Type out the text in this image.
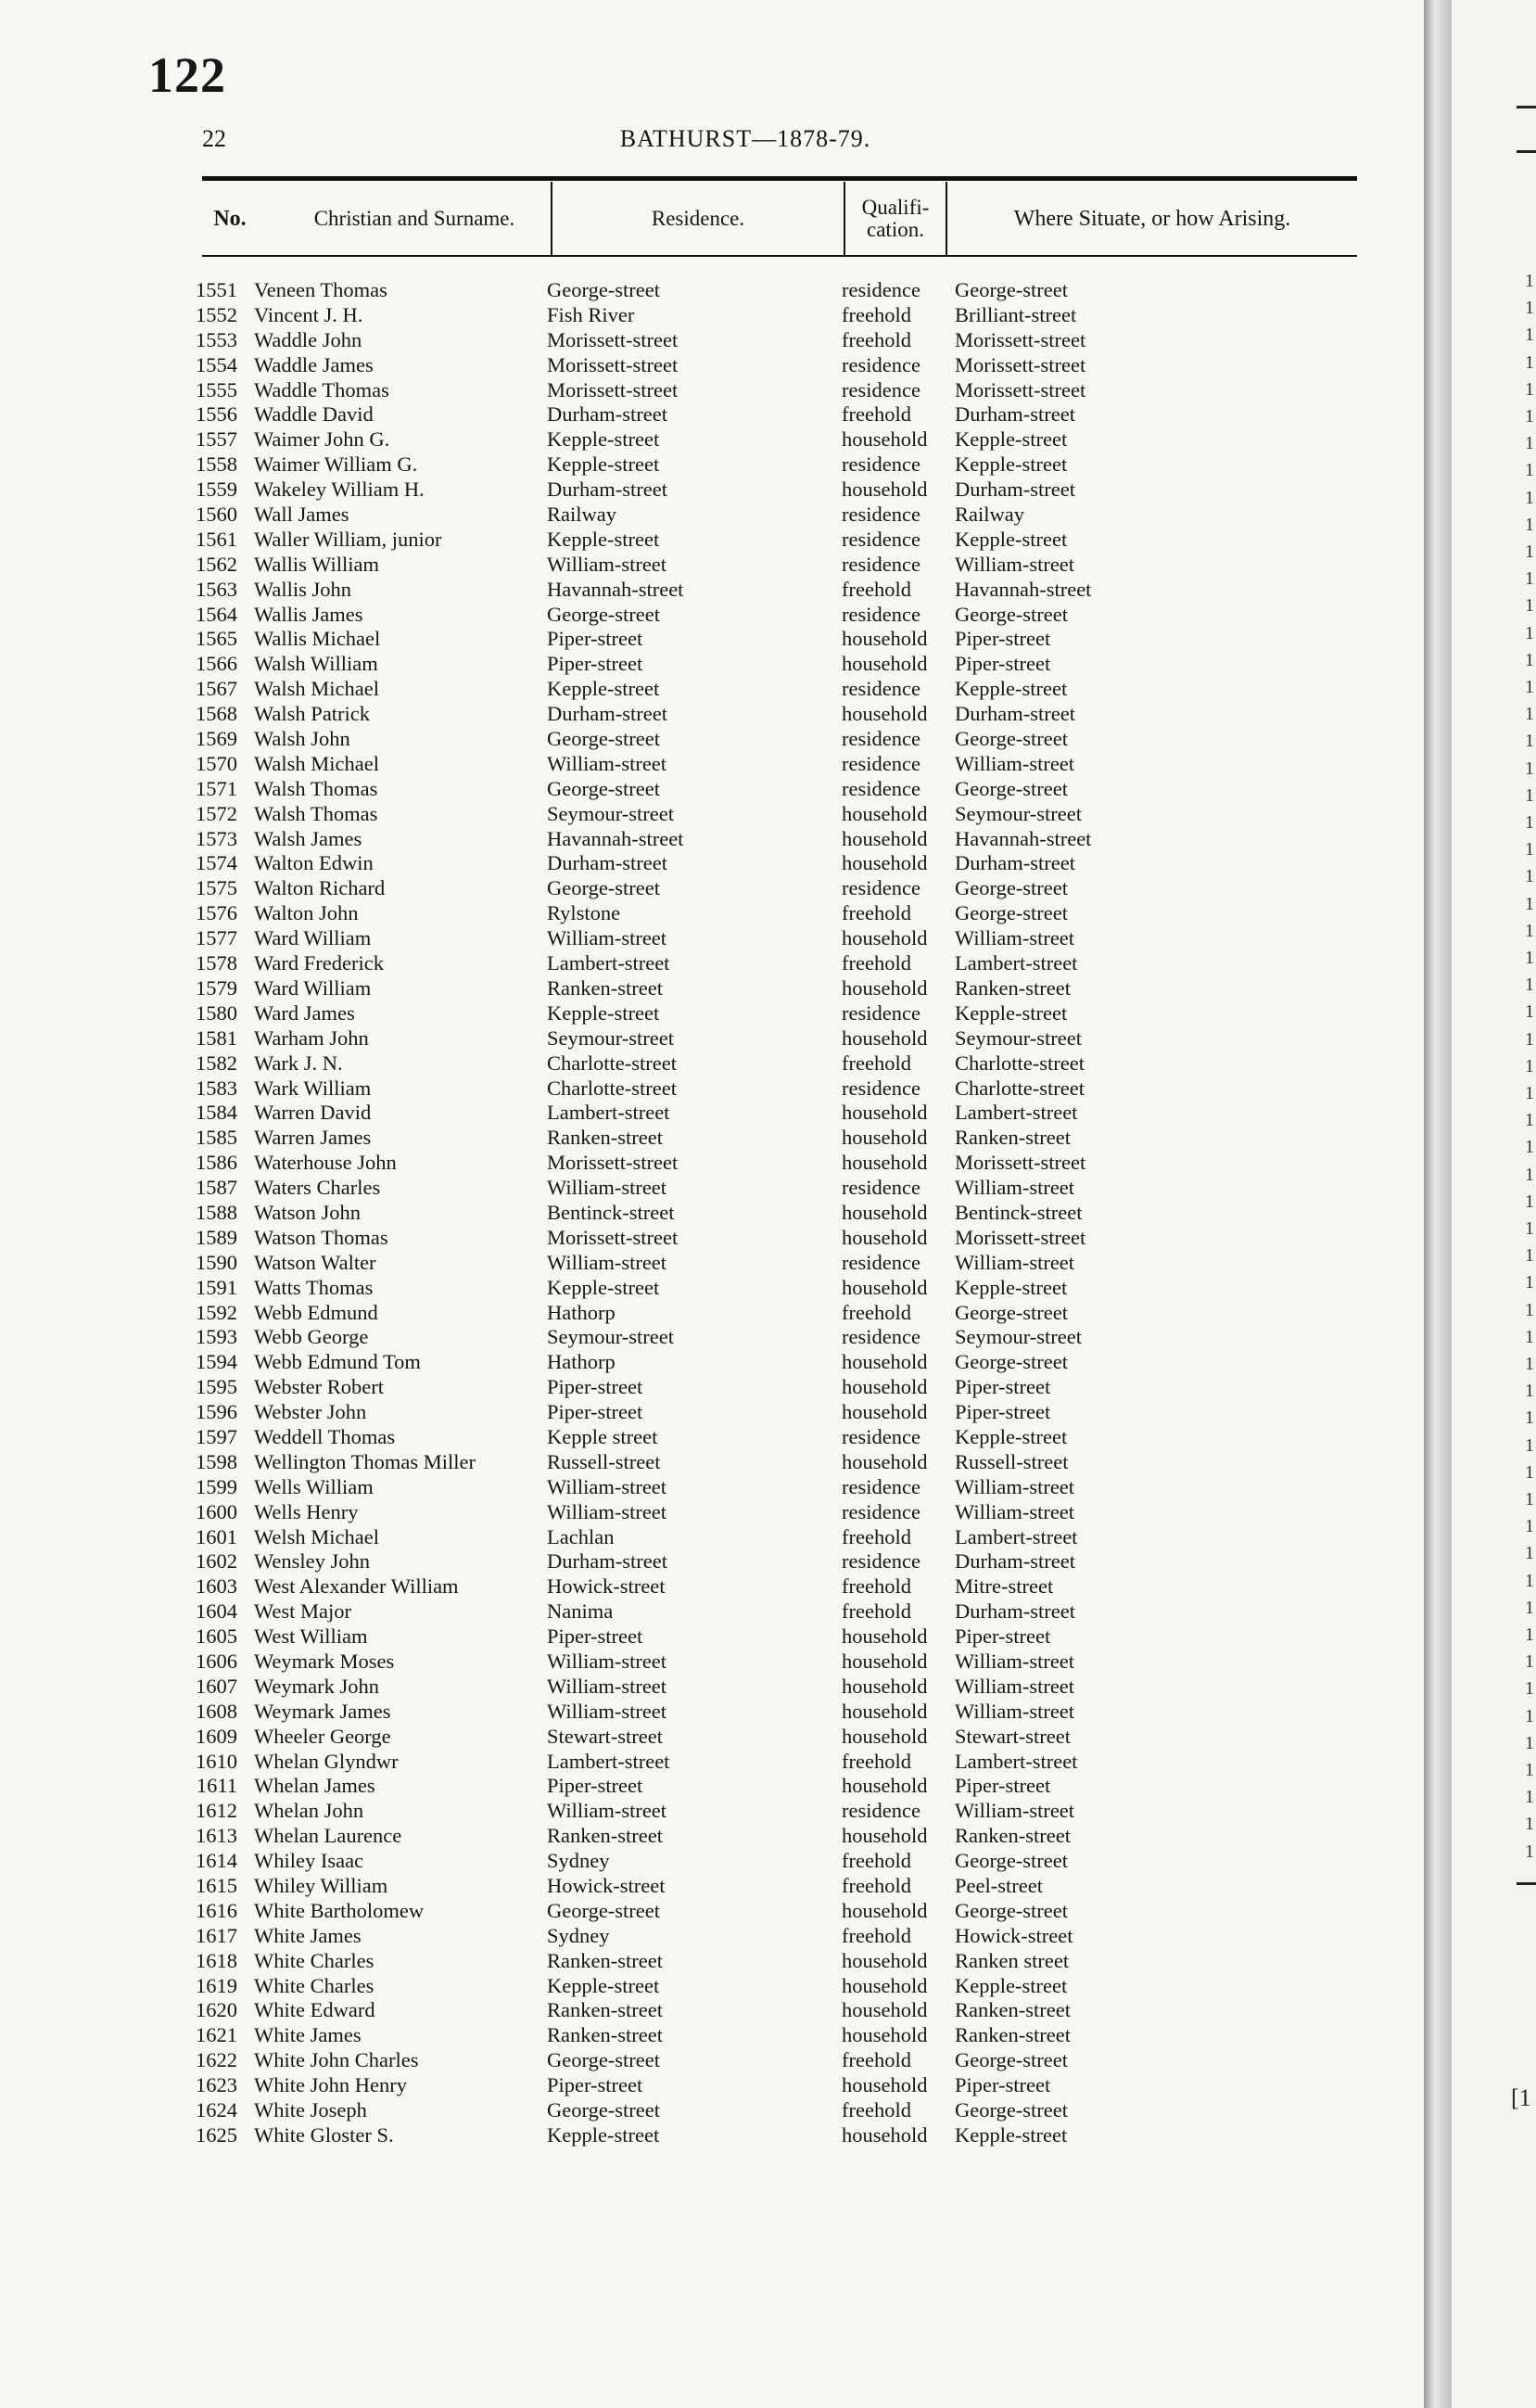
122
22	BATHURST—1878-79.
No.	Christian and Surname.	Residence.	Qualifi-
cation.	Where Situate, or how Arising.
1551 Veneen Thomas	George-street	residence George-street
1552 Vincent J. H.	Fish River	freehold Brilliant-street
1553 Waddle John	Morissett-street	freehold Morissett-street
1554 Waddle James	Morissett-street	residence Morissett-street
1555 Waddle Thomas	Morissett-street	residence Morissett-street
1556 Waddle David	Durham-street	freehold Durham-street
1557 Waimer John G.	Kepple-street	household Kepple-street
1558 Waimer William G.	Kepple-street	residence Kepple-street
1559 Wakeley William H.	Durham-street	household Durham-street
1560 Wall James	Railway	residence Railway
1561 Waller William, junior	Kepple-street	residence Kepple-street
1562 Wallis William	William-street	residence William-street
1563 Wallis John	Havannah-street	freehold Havannah-street
1564 Wallis James	George-street	residence George-street
1565 Wallis Michael	Piper-street	household Piper-street
1566 Walsh William	Piper-street	household Piper-street
1567 Walsh Michael	Kepple-street	residence Kepple-street
1568 Walsh Patrick	Durham-street	household Durham-street
1569 Walsh John	George-street	residence George-street
1570 Walsh Michael	William-street	residence William-street
1571 Walsh Thomas	George-street	residence George-street
1572 Walsh Thomas	Seymour-street	household Seymour-street
1573 Walsh James	Havannah-street	household Havannah-street
1574 Walton Edwin	Durham-street	household Durham-street
1575 Walton Richard	George-street	residence George-street
1576 Walton John	Rylstone	freehold George-street
1577 Ward William	William-street	household William-street
1578 Ward Frederick	Lambert-street	freehold Lambert-street
1579 Ward William	Ranken-street	household Ranken-street
1580 Ward James	Kepple-street	residence Kepple-street
1581 Warham John	Seymour-street	household Seymour-street
1582 Wark J. N.	Charlotte-street	freehold Charlotte-street
1583 Wark William	Charlotte-street	residence Charlotte-street
1584 Warren David	Lambert-street	household Lambert-street
1585 Warren James	Ranken-street	household Ranken-street
1586 Waterhouse John	Morissett-street	household Morissett-street
1587 Waters Charles	William-street	residence William-street
1588 Watson John	Bentinck-street	household Bentinck-street
1589 Watson Thomas	Morissett-street	household Morissett-street
1590 Watson Walter	William-street	residence William-street
1591 Watts Thomas	Kepple-street	household Kepple-street
1592 Webb Edmund	Hathorp	freehold George-street
1593 Webb George	Seymour-street	residence Seymour-street
1594 Webb Edmund Tom	Hathorp	household George-street
1595 Webster Robert	Piper-street	household Piper-street
1596 Webster John	Piper-street	household Piper-street
1597 Weddell Thomas	Kepple street	residence Kepple-street
1598 Wellington Thomas Miller	Russell-street	household Russell-street
1599 Wells William	William-street	residence William-street
1600 Wells Henry	William-street	residence William-street
1601 Welsh Michael	Lachlan	freehold Lambert-street
1602 Wensley John	Durham-street	residence Durham-street
1603 West Alexander William	Howick-street	freehold Mitre-street
1604 West Major	Nanima	freehold Durham-street
1605 West William	Piper-street	household Piper-street
1606 Weymark Moses	William-street	household William-street
1607 Weymark John	William-street	household William-street
1608 Weymark James	William-street	household William-street
1609 Wheeler George	Stewart-street	household Stewart-street
1610 Whelan Glyndwr	Lambert-street	freehold Lambert-street
1611 Whelan James	Piper-street	household Piper-street
1612 Whelan John	William-street	residence William-street
1613 Whelan Laurence	Ranken-street	household Ranken-street
1614 Whiley Isaac	Sydney	freehold George-street
1615 Whiley William	Howick-street	freehold Peel-street
1616 White Bartholomew	George-street	household George-street
1617 White James	Sydney	freehold Howick-street
1618 White Charles	Ranken-street	household Ranken street
1619 White Charles	Kepple-street	household Kepple-street
1620 White Edward	Ranken-street	household Ranken-street
1621 White James	Ranken-street	household Ranken-street
1622 White John Charles	George-street	freehold George-street
1623 White John Henry	Piper-street	household Piper-street
1624 White Joseph	George-street	freehold George-street
1625 White Gloster S.	Kepple-street	household Kepple-street
1
1
1
1
1
1
1
1
1
1
1
1
1
1
1
1
1
1
1
1
1
1
1
1
1
1
1
1
1
1
1
1
1
1
1
1
1
1
1
1
1
1
1
1
1
1
1
1
1
1
1
1
1
1
1
1
1
1
1
[1
